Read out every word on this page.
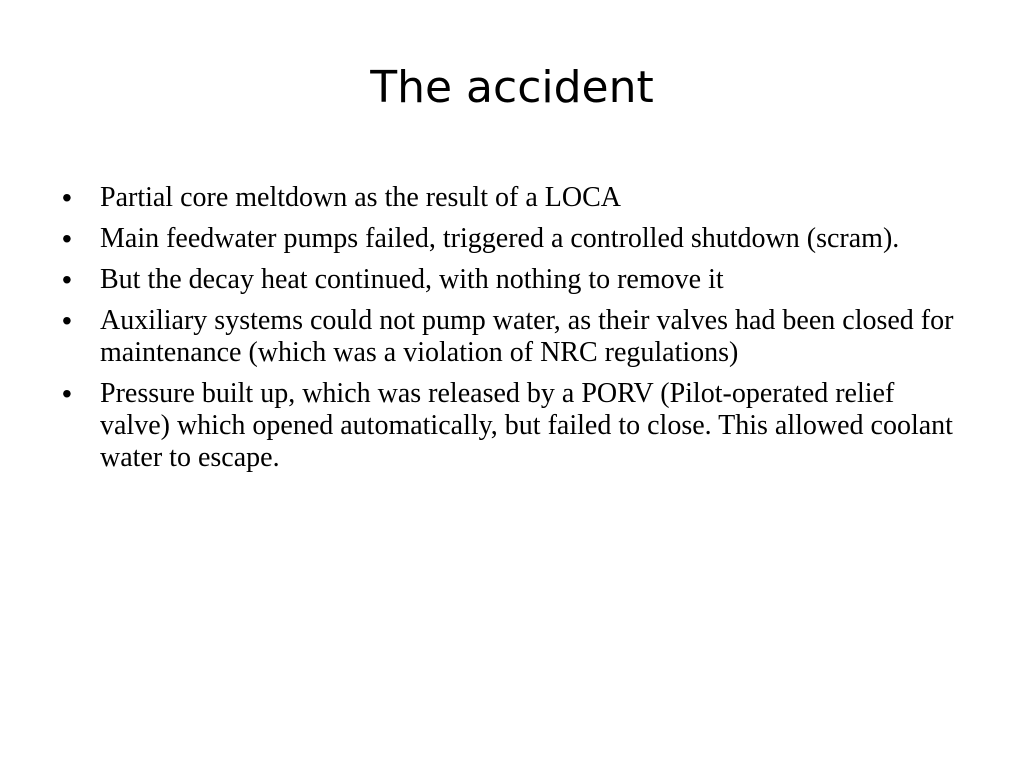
The accident
• Partial core meltdown as the result of a LOCA
• Main feedwater pumps failed, triggered a controlled shutdown (scram).
• But the decay heat continued, with nothing to remove it
• Auxiliary systems could not pump water, as their valves had been closed for maintenance (which was a violation of NRC regulations)
• Pressure built up, which was released by a PORV (Pilot-operated relief valve) which opened automatically, but failed to close. This allowed coolant water to escape.
